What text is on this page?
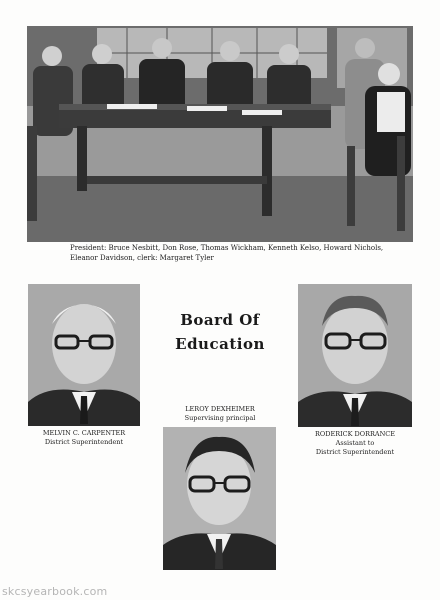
President: Bruce Nesbitt, Don Rose, Thomas Wickham, Kenneth Kelso, Howard Nichols,
Eleanor Davidson, clerk: Margaret Tyler
Board Of
Education
MELVIN C. CARPENTER
District Superintendent
LEROY DEXHEIMER
Supervising principal
RODERICK DORRANCE
Assistant to
District Superintendent
skcsyearbook.com
